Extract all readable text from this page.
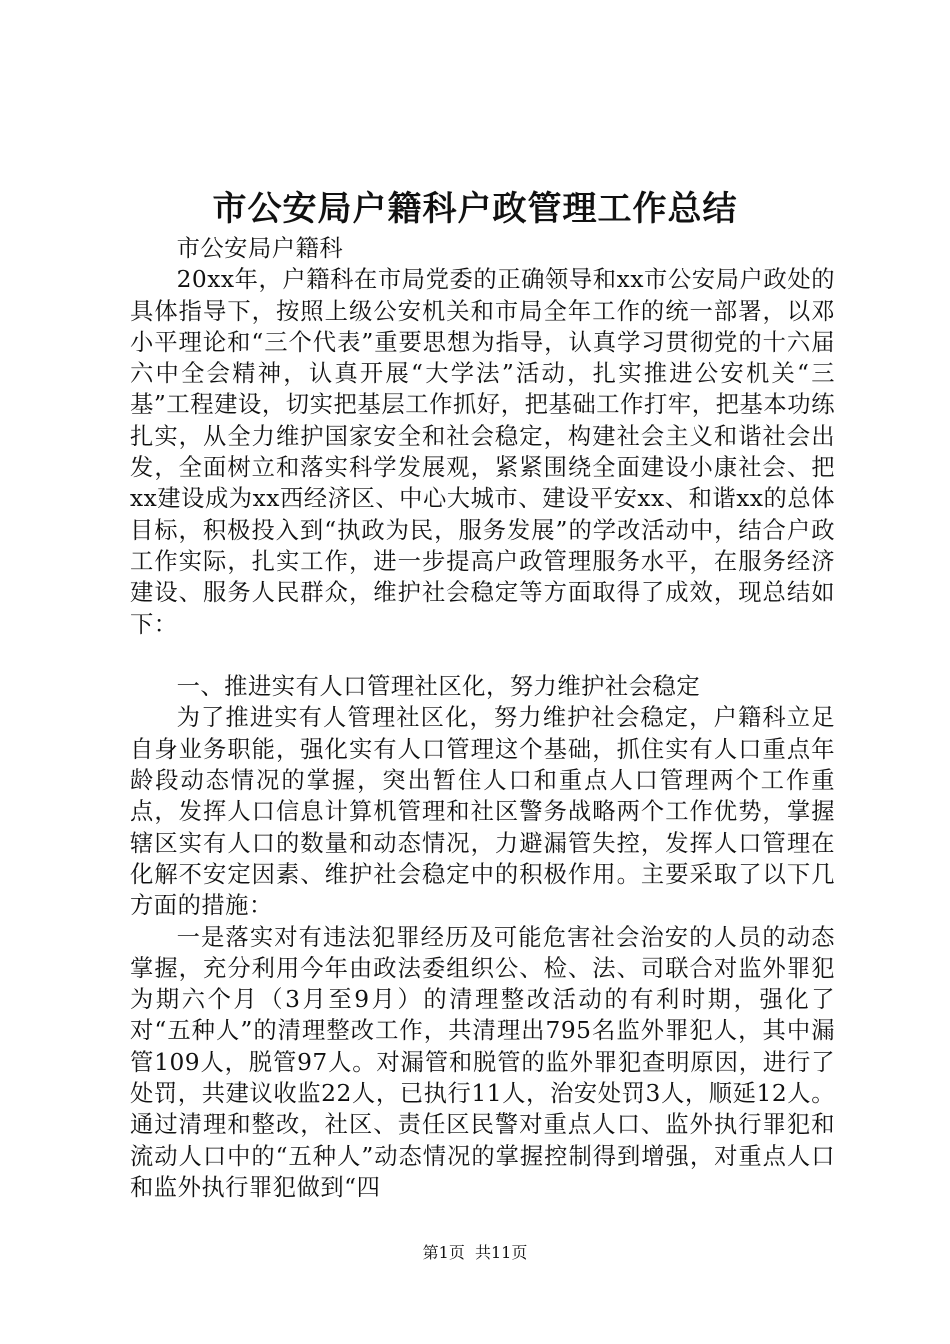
市公安局户籍科户政管理工作总结

市公安局户籍科

20xx年，户籍科在市局党委的正确领导和xx市公安局户政处的具体指导下，按照上级公安机关和市局全年工作的统一部署，以邓小平理论和“三个代表”重要思想为指导，认真学习贯彻党的十六届六中全会精神，认真开展“大学法”活动，扎实推进公安机关“三基”工程建设，切实把基层工作抓好，把基础工作打牢，把基本功练扎实，从全力维护国家安全和社会稳定，构建社会主义和谐社会出发，全面树立和落实科学发展观，紧紧围绕全面建设小康社会、把xx建设成为xx西经济区、中心大城市、建设平安xx、和谐xx的总体目标，积极投入到“执政为民，服务发展”的学改活动中，结合户政工作实际，扎实工作，进一步提高户政管理服务水平，在服务经济建设、服务人民群众，维护社会稳定等方面取得了成效，现总结如下：

一、推进实有人口管理社区化，努力维护社会稳定

为了推进实有人管理社区化，努力维护社会稳定，户籍科立足自身业务职能，强化实有人口管理这个基础，抓住实有人口重点年龄段动态情况的掌握，突出暂住人口和重点人口管理两个工作重点，发挥人口信息计算机管理和社区警务战略两个工作优势，掌握辖区实有人口的数量和动态情况，力避漏管失控，发挥人口管理在化解不安定因素、维护社会稳定中的积极作用。主要采取了以下几方面的措施：

一是落实对有违法犯罪经历及可能危害社会治安的人员的动态掌握，充分利用今年由政法委组织公、检、法、司联合对监外罪犯为期六个月（3月至9月）的清理整改活动的有利时期，强化了对“五种人”的清理整改工作，共清理出795名监外罪犯人，其中漏管109人，脱管97人。对漏管和脱管的监外罪犯查明原因，进行了处罚，共建议收监22人，已执行11人，治安处罚3人，顺延12人。通过清理和整改，社区、责任区民警对重点人口、监外执行罪犯和流动人口中的“五种人”动态情况的掌握控制得到增强，对重点人口和监外执行罪犯做到“四

第1页  共11页
